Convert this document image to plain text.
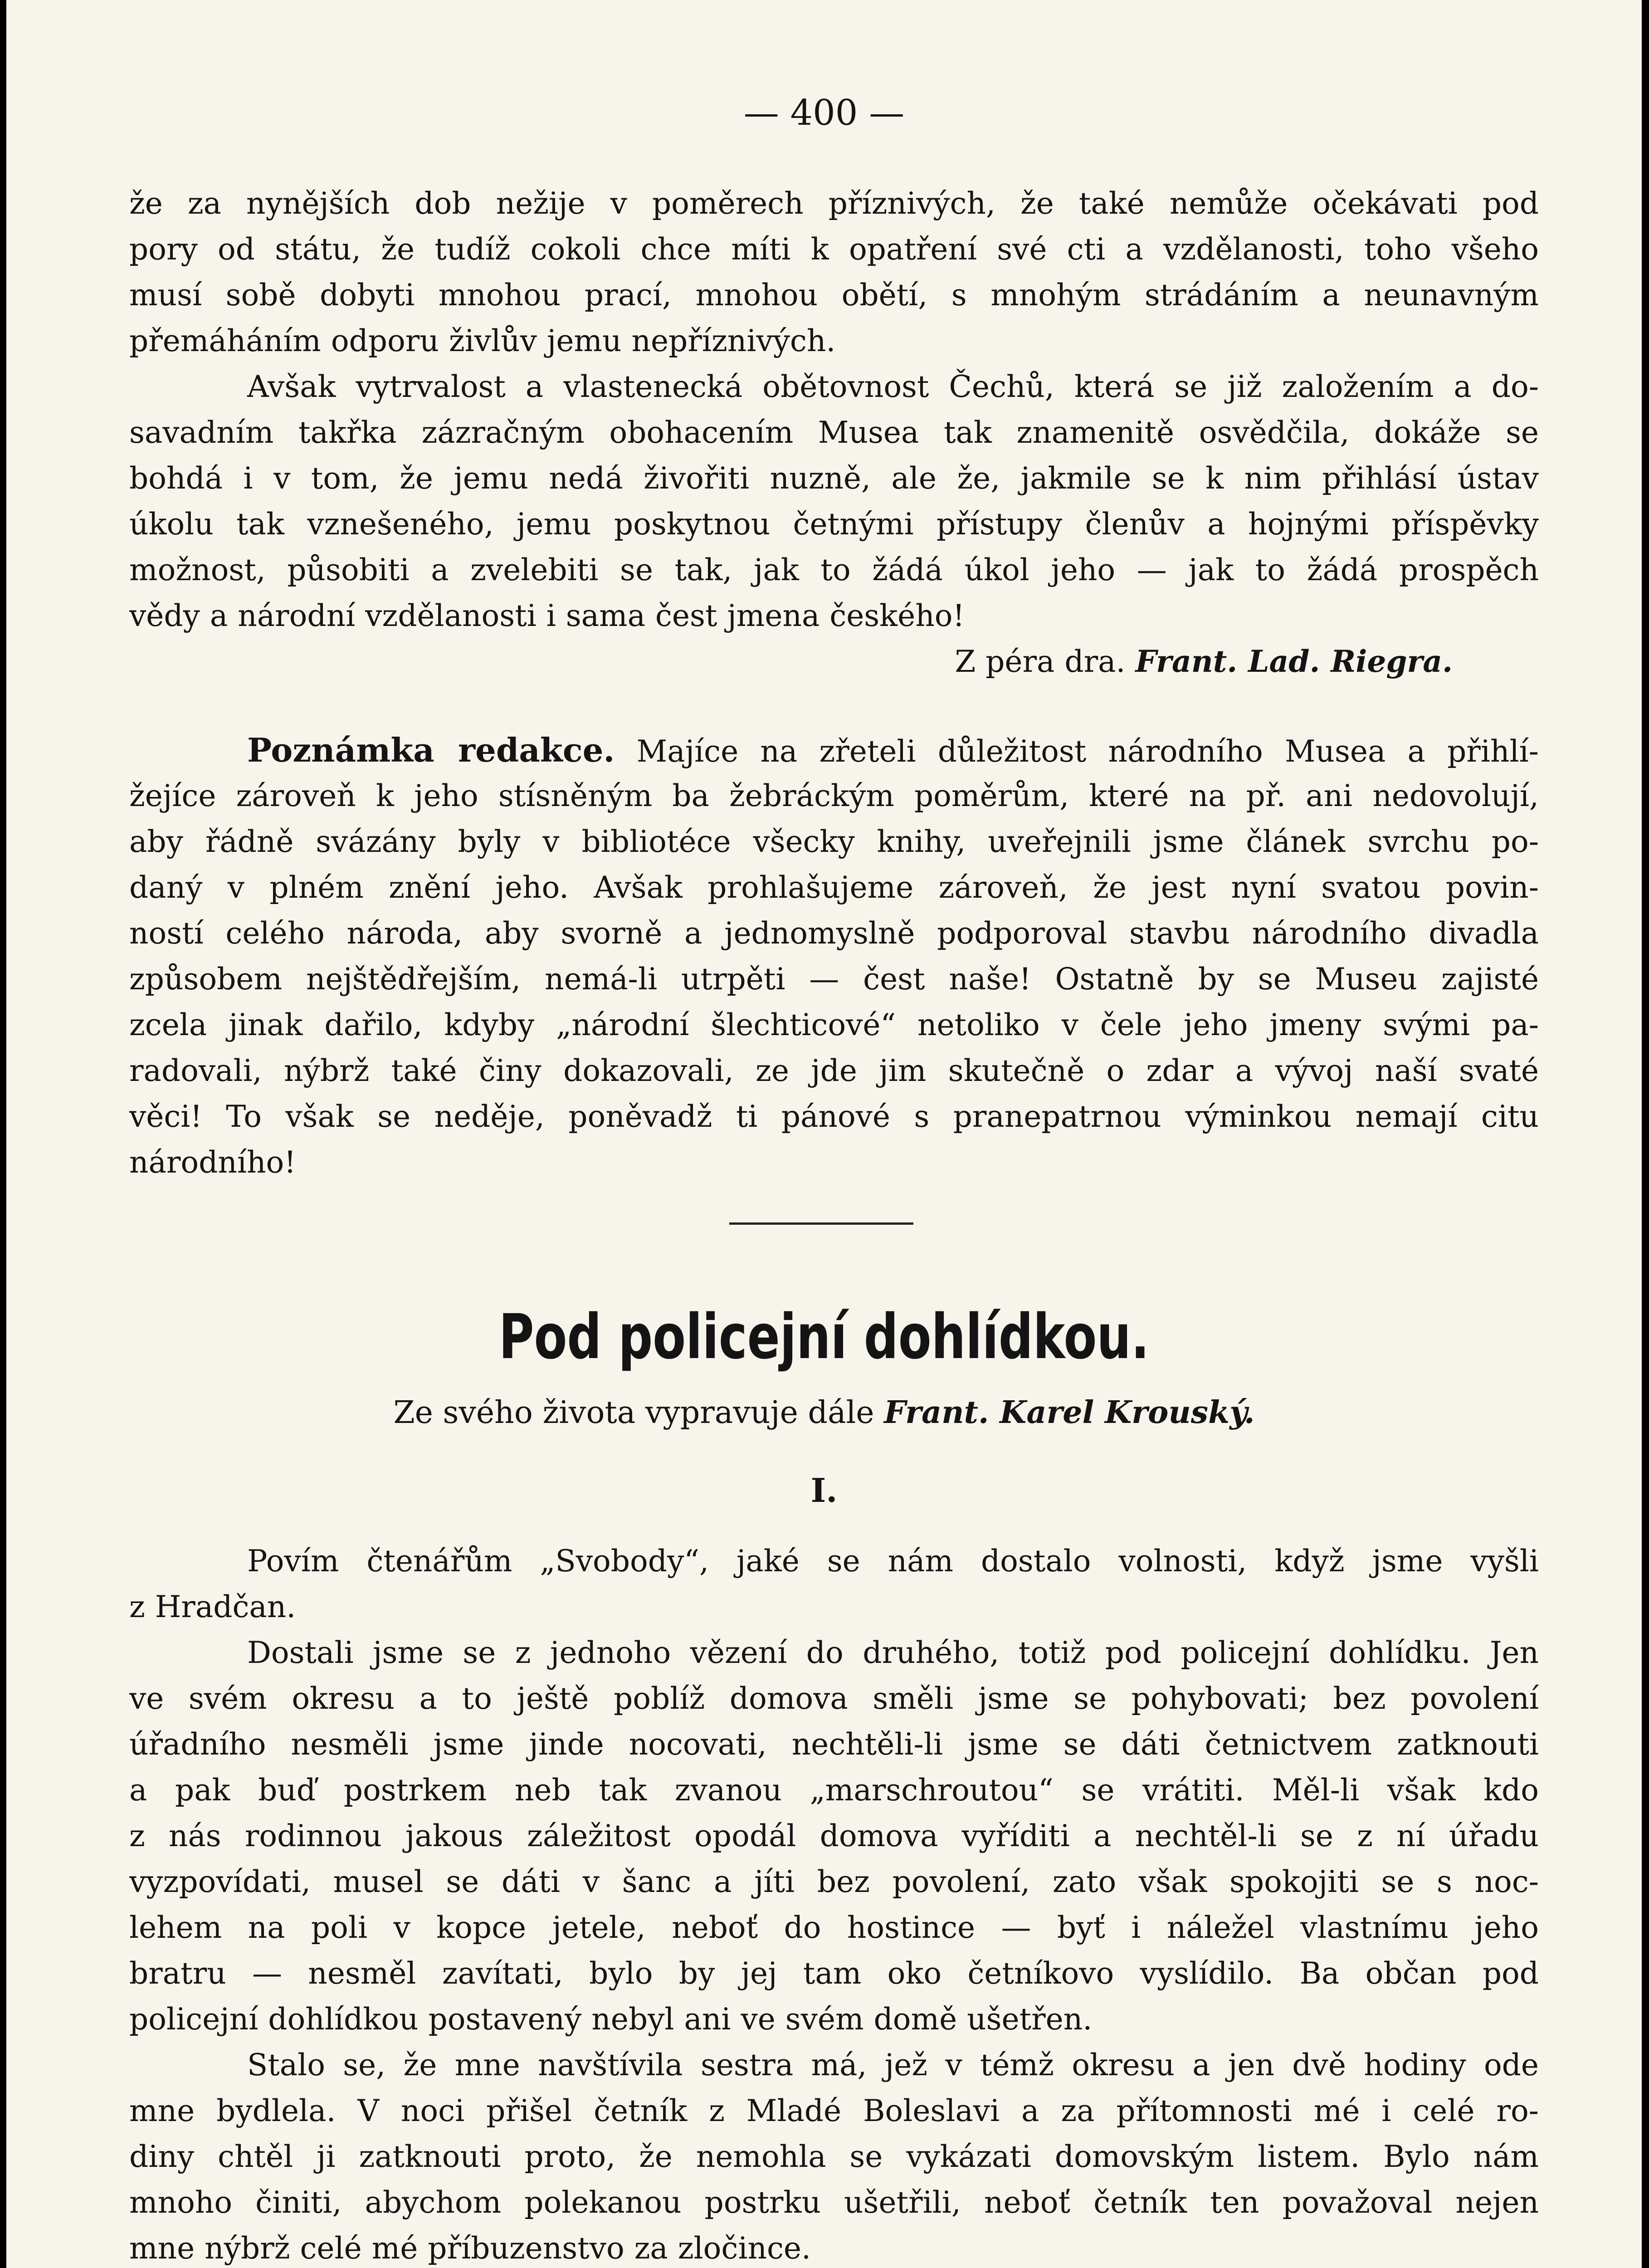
— 400 —
že za nynějších dob nežije v poměrech příznivých, že také nemůže očekávati pod
pory od státu, že tudíž cokoli chce míti k opatření své cti a vzdělanosti, toho všeho
musí sobě dobyti mnohou prací, mnohou obětí, s mnohým strádáním a neunavným
přemáháním odporu živlův jemu nepříznivých.
Avšak vytrvalost a vlastenecká obětovnost Čechů, která se již založením a do-
savadním takřka zázračným obohacením Musea tak znamenitě osvědčila, dokáže se
bohdá i v tom, že jemu nedá živořiti nuzně, ale že, jakmile se k nim přihlásí ústav
úkolu tak vznešeného, jemu poskytnou četnými přístupy členův a hojnými příspěvky
možnost, působiti a zvelebiti se tak, jak to žádá úkol jeho — jak to žádá prospěch
vědy a národní vzdělanosti i sama čest jmena českého!
Z péra dra. Frant. Lad. Riegra.
Poznámka redakce. Majíce na zřeteli důležitost národního Musea a přihlí-
žejíce zároveň k jeho stísněným ba žebráckým poměrům, které na př. ani nedovolují,
aby řádně svázány byly v bibliotéce všecky knihy, uveřejnili jsme článek svrchu po-
daný v plném znění jeho. Avšak prohlašujeme zároveň, že jest nyní svatou povin-
ností celého národa, aby svorně a jednomyslně podporoval stavbu národního divadla
způsobem nejštědřejším, nemá-li utrpěti — čest naše! Ostatně by se Museu zajisté
zcela jinak dařilo, kdyby „národní šlechticové“ netoliko v čele jeho jmeny svými pa-
radovali, nýbrž také činy dokazovali, ze jde jim skutečně o zdar a vývoj naší svaté
věci! To však se neděje, poněvadž ti pánové s pranepatrnou výminkou nemají citu
národního!
Pod policejní dohlídkou.
Ze svého života vypravuje dále Frant. Karel Krouský.
I.
Povím čtenářům „Svobody“, jaké se nám dostalo volnosti, když jsme vyšli
z Hradčan.
Dostali jsme se z jednoho vězení do druhého, totiž pod policejní dohlídku. Jen
ve svém okresu a to ještě poblíž domova směli jsme se pohybovati; bez povolení
úřadního nesměli jsme jinde nocovati, nechtěli-li jsme se dáti četnictvem zatknouti
a pak buď postrkem neb tak zvanou „marschroutou“ se vrátiti. Měl-li však kdo
z nás rodinnou jakous záležitost opodál domova vyříditi a nechtěl-li se z ní úřadu
vyzpovídati, musel se dáti v šanc a jíti bez povolení, zato však spokojiti se s noc-
lehem na poli v kopce jetele, neboť do hostince — byť i náležel vlastnímu jeho
bratru — nesměl zavítati, bylo by jej tam oko četníkovo vyslídilo. Ba občan pod
policejní dohlídkou postavený nebyl ani ve svém domě ušetřen.
Stalo se, že mne navštívila sestra má, jež v témž okresu a jen dvě hodiny ode
mne bydlela. V noci přišel četník z Mladé Boleslavi a za přítomnosti mé i celé ro-
diny chtěl ji zatknouti proto, že nemohla se vykázati domovským listem. Bylo nám
mnoho činiti, abychom polekanou postrku ušetřili, neboť četník ten považoval nejen
mne nýbrž celé mé příbuzenstvo za zločince.
